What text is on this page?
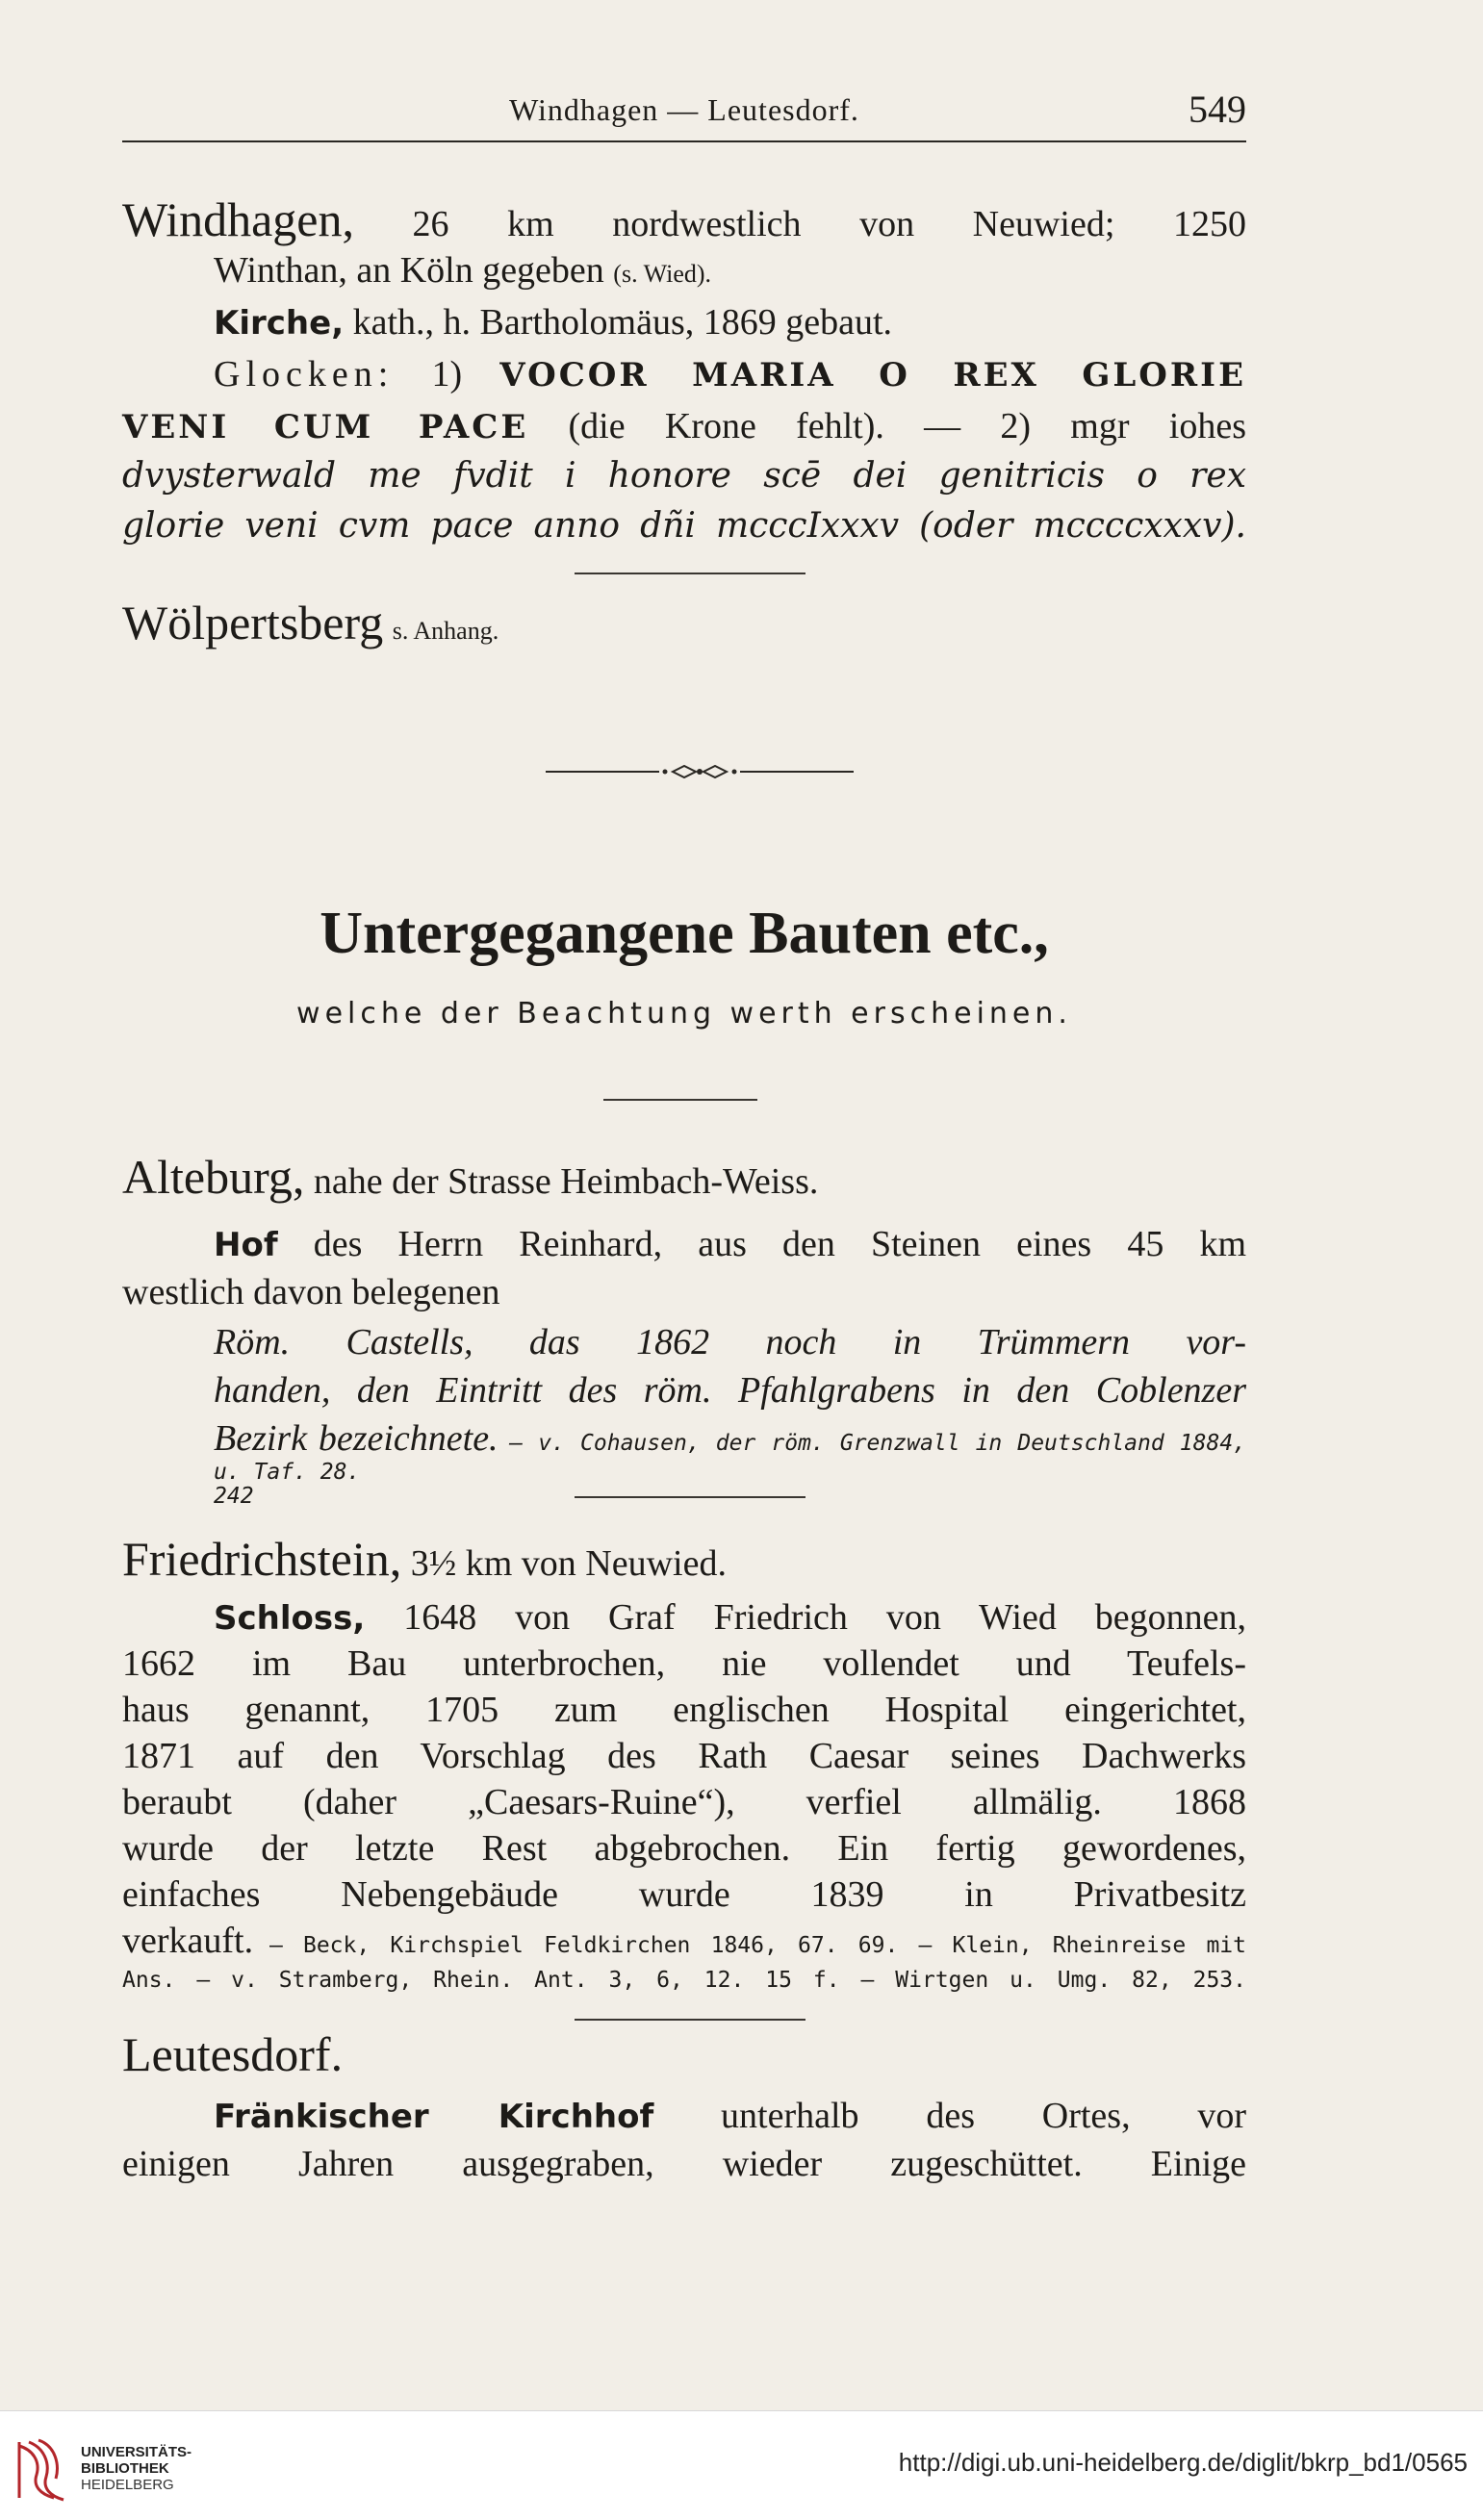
Windhagen — Leutesdorf.	549
Windhagen, 26 km nordwestlich von Neuwied; 1250
Winthan, an Köln gegeben (s. Wied).
Kirche, kath., h. Bartholomäus, 1869 gebaut.
Glocken: 1) VOCOR MARIA O REX GLORIE
VENI CUM PACE (die Krone fehlt). — 2) mgr iohes
dvysterwald me fvdit i honore scē dei genitricis o rex
glorie veni cvm pace anno dñi mcccIxxxv (oder mccccxxxv).
Wölpertsberg s. Anhang.
Untergegangene Bauten etc.,
welche der Beachtung werth erscheinen.
Alteburg, nahe der Strasse Heimbach-Weiss.
Hof des Herrn Reinhard, aus den Steinen eines 45 km
westlich davon belegenen
Röm. Castells, das 1862 noch in Trümmern vor-
handen, den Eintritt des röm. Pfahlgrabens in den Coblenzer
Bezirk bezeichnete. — v. Cohausen, der röm. Grenzwall in Deutschland 1884, 242
u. Taf. 28.
Friedrichstein, 3½ km von Neuwied.
Schloss, 1648 von Graf Friedrich von Wied begonnen,
1662 im Bau unterbrochen, nie vollendet und Teufels-
haus genannt, 1705 zum englischen Hospital eingerichtet,
1871 auf den Vorschlag des Rath Caesar seines Dachwerks
beraubt (daher „Caesars-Ruine“), verfiel allmälig. 1868
wurde der letzte Rest abgebrochen. Ein fertig gewordenes,
einfaches Nebengebäude wurde 1839 in Privatbesitz
verkauft. — Beck, Kirchspiel Feldkirchen 1846, 67. 69. — Klein, Rheinreise mit
Ans. — v. Stramberg, Rhein. Ant. 3, 6, 12. 15 f. — Wirtgen u. Umg. 82, 253.
Leutesdorf.
Fränkischer Kirchhof unterhalb des Ortes, vor
einigen Jahren ausgegraben, wieder zugeschüttet. Einige
UNIVERSITÄTS-
BIBLIOTHEK
HEIDELBERG
http://digi.ub.uni-heidelberg.de/diglit/bkrp_bd1/0565
